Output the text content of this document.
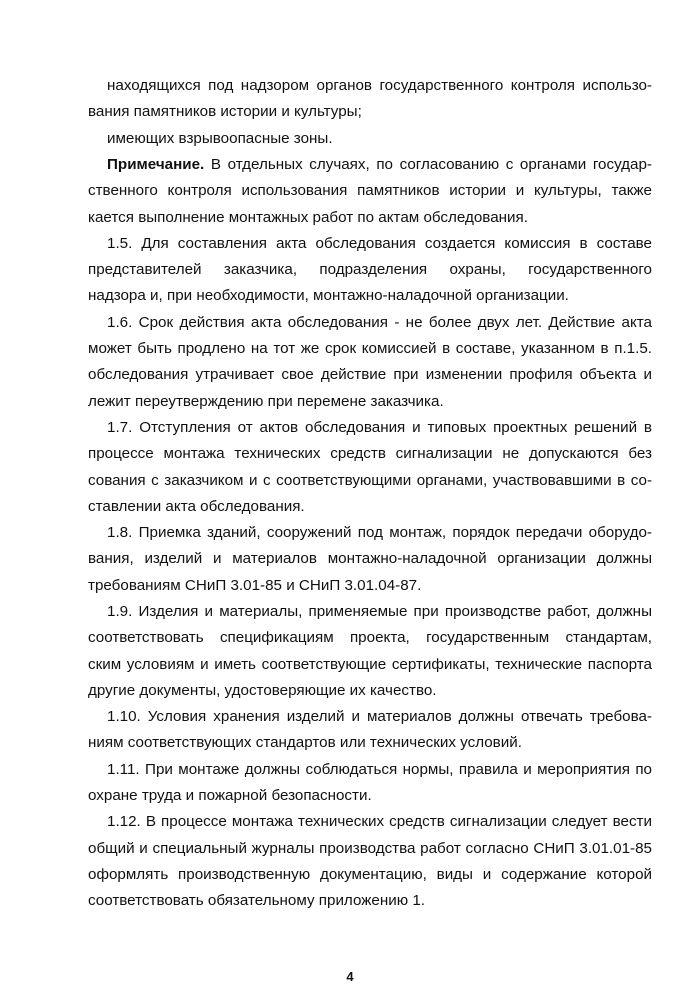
находящихся под надзором органов государственного контроля использо-
вания памятников истории и культуры;
имеющих взрывоопасные зоны.
Примечание. В отдельных случаях, по согласованию с органами государ-
ственного контроля использования памятников истории и культуры, также
кается выполнение монтажных работ по актам обследования.
1.5. Для составления акта обследования создается комиссия в составе
представителей заказчика, подразделения охраны, государственного
надзора и, при необходимости, монтажно-наладочной организации.
1.6. Срок действия акта обследования - не более двух лет. Действие акта
может быть продлено на тот же срок комиссией в составе, указанном в п.1.5.
обследования утрачивает свое действие при изменении профиля объекта и
лежит переутверждению при перемене заказчика.
1.7. Отступления от актов обследования и типовых проектных решений в
процессе монтажа технических средств сигнализации не допускаются без
сования с заказчиком и с соответствующими органами, участвовавшими в со-
ставлении акта обследования.
1.8. Приемка зданий, сооружений под монтаж, порядок передачи оборудо-
вания, изделий и материалов монтажно-наладочной организации должны
требованиям СНиП 3.01-85 и СНиП 3.01.04-87.
1.9. Изделия и материалы, применяемые при производстве работ, должны
соответствовать спецификациям проекта, государственным стандартам,
ским условиям и иметь соответствующие сертификаты, технические паспорта
другие документы, удостоверяющие их качество.
1.10. Условия хранения изделий и материалов должны отвечать требова-
ниям соответствующих стандартов или технических условий.
1.11. При монтаже должны соблюдаться нормы, правила и мероприятия по
охране труда и пожарной безопасности.
1.12. В процессе монтажа технических средств сигнализации следует вести
общий и специальный журналы производства работ согласно СНиП 3.01.01-85
оформлять производственную документацию, виды и содержание которой
соответствовать обязательному приложению 1.
4
